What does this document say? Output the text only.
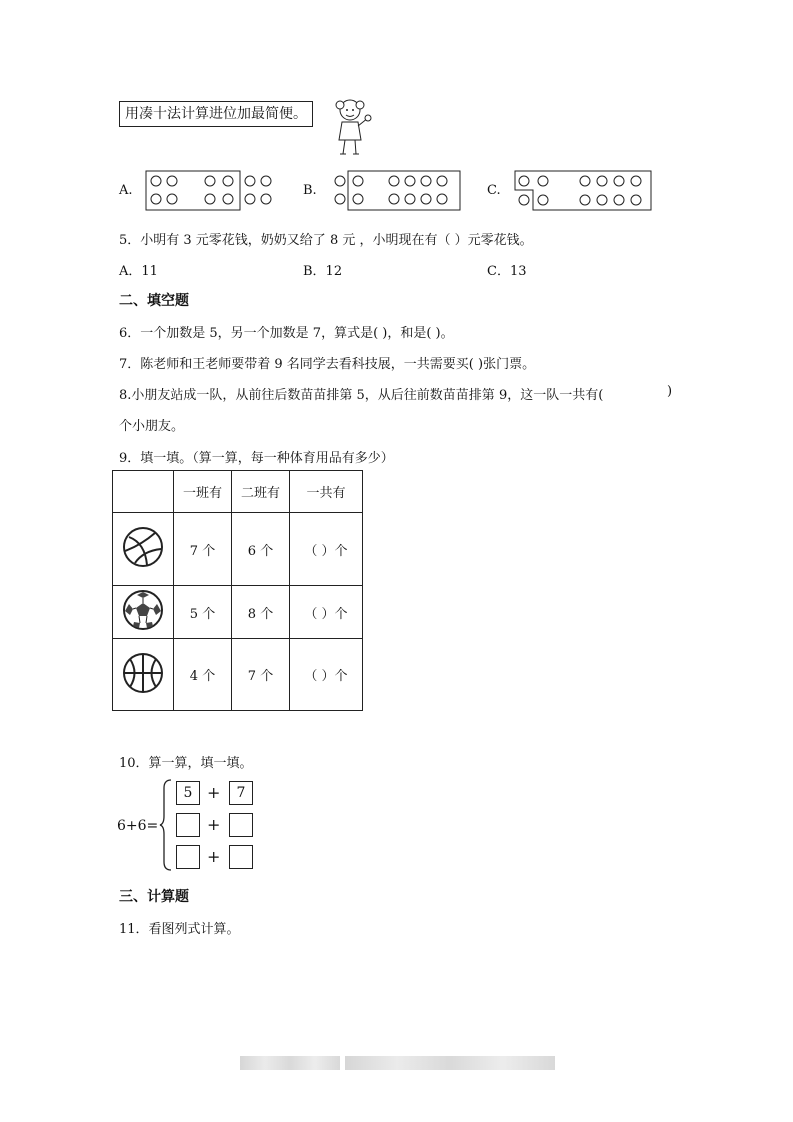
用凑十法计算进位加最简便。
A.	B.	C.
5．小明有 3 元零花钱，奶奶又给了 8 元 ，小明现在有（ ）元零花钱。
A．11	B．12	C．13
二、填空题
6．一个加数是 5，另一个加数是 7，算式是( )，和是( )。
7．陈老师和王老师要带着 9 名同学去看科技展，一共需要买( )张门票。
8.小朋友站成一队，从前往后数苗苗排第 5，从后往前数苗苗排第 9，这一队一共有(	)
个小朋友。
9．填一填。（算一算，每一种体育用品有多少）
	一班有	二班有	一共有
	7 个	6 个	（ ）个
	5 个	8 个	（ ）个
	4 个	7 个	（ ）个
10．算一算，填一填。
6+6=
5 +	7
+
+
三、计算题
11．看图列式计算。
